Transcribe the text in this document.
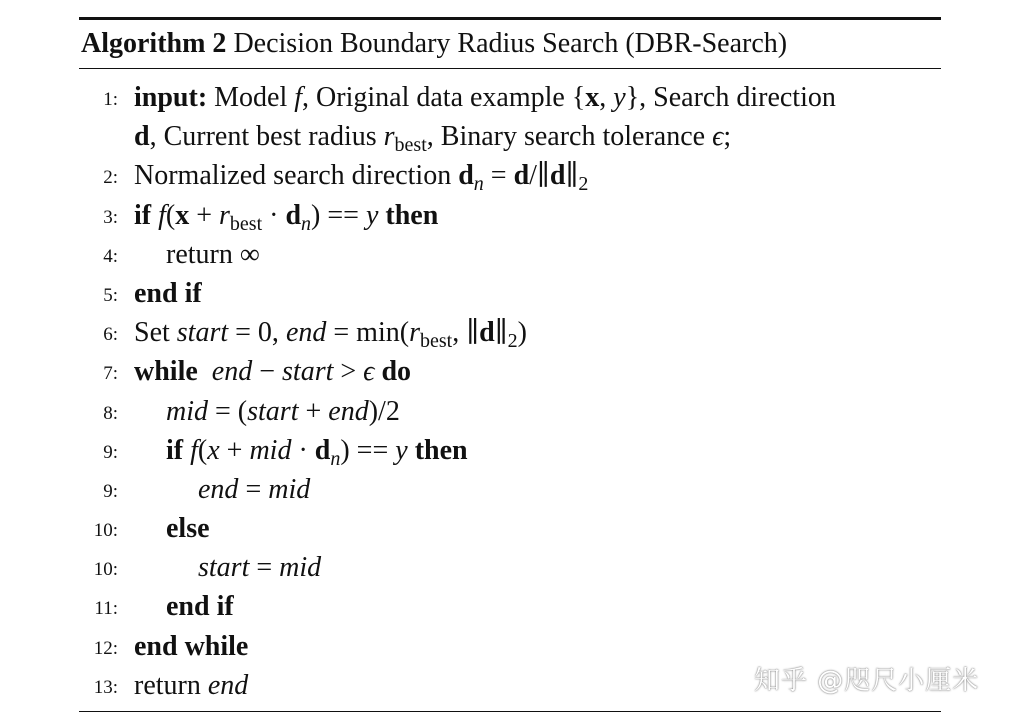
Algorithm 2 Decision Boundary Radius Search (DBR-Search)
1: input: Model f, Original data example {x, y}, Search direction
d, Current best radius $r_{best}$, Binary search tolerance ϵ;
2: Normalized search direction $d_n$ = $d/\parallel d\parallel_2$
3: if $f(x + r_{best} \cdot d_n) == y$ then
4: return ∞
5: end if
6: Set start = 0, end = $\min(r_{best}$, $\parallel d\parallel_2$)
7: while  end − start > ϵ do
8: mid = (start + end)/2
9: if f(x + mid · $d_n) == y$ then
9:	end = mid
10: else
10:	start = mid
11: end if
12: end while
13: return end	知乎 @咫尺小厘米
